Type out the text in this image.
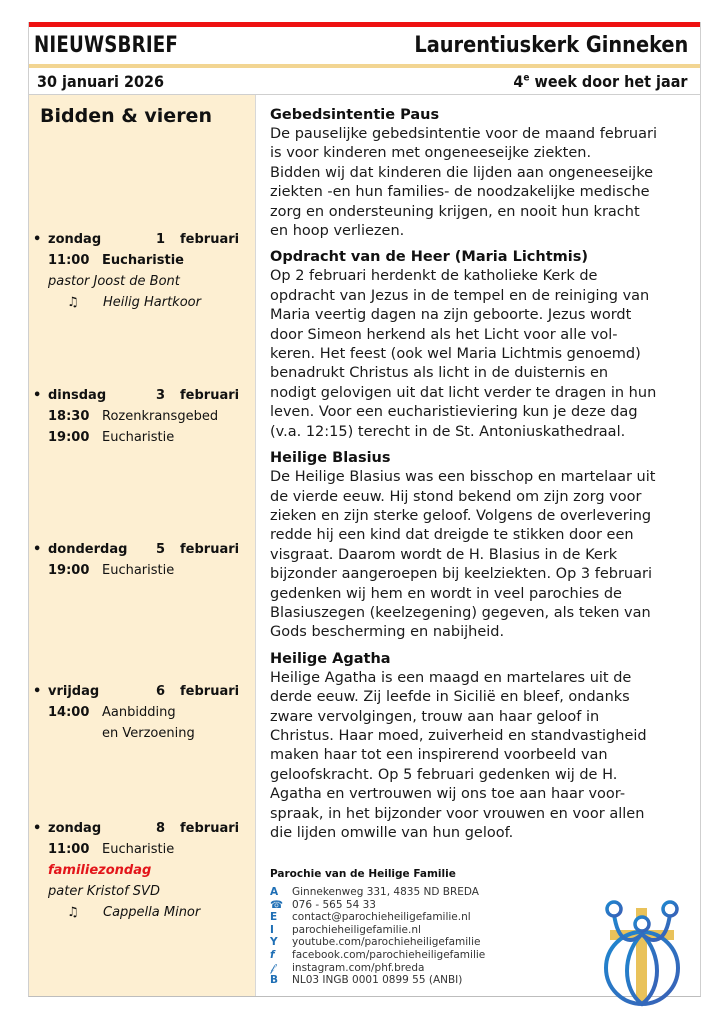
NIEUWSBRIEF	Laurentiuskerk Ginneken
30 januari 2026	4e week door het jaar
Bidden & vieren
• zondag	1	februari
11:00 Eucharistie
pastor Joost de Bont
♫	Heilig Hartkoor
• dinsdag	3	februari
18:30 Rozenkransgebed
19:00 Eucharistie
• donderdag	5	februari
19:00 Eucharistie
• vrijdag	6	februari
14:00 Aanbidding
en Verzoening
• zondag	8	februari
11:00 Eucharistie
familiezondag
pater Kristof SVD
♫	Cappella Minor
Gebedsintentie Paus

De pauselijke gebedsintentie voor de maand februari
is voor kinderen met ongeneeseijke ziekten.
Bidden wij dat kinderen die lijden aan ongeneeseijke
ziekten -en hun families- de noodzakelijke medische
zorg en ondersteuning krijgen, en nooit hun kracht
en hoop verliezen.

Opdracht van de Heer (Maria Lichtmis)

Op 2 februari herdenkt de katholieke Kerk de
opdracht van Jezus in de tempel en de reiniging van
Maria veertig dagen na zijn geboorte. Jezus wordt
door Simeon herkend als het Licht voor alle vol-
keren. Het feest (ook wel Maria Lichtmis genoemd)
benadrukt Christus als licht in de duisternis en
nodigt gelovigen uit dat licht verder te dragen in hun
leven. Voor een eucharistieviering kun je deze dag
(v.a. 12:15) terecht in de St. Antoniuskathedraal.

Heilige Blasius

De Heilige Blasius was een bisschop en martelaar uit
de vierde eeuw. Hij stond bekend om zijn zorg voor
zieken en zijn sterke geloof. Volgens de overlevering
redde hij een kind dat dreigde te stikken door een
visgraat. Daarom wordt de H. Blasius in de Kerk
bijzonder aangeroepen bij keelziekten. Op 3 februari
gedenken wij hem en wordt in veel parochies de
Blasiuszegen (keelzegening) gegeven, als teken van
Gods bescherming en nabijheid.

Heilige Agatha

Heilige Agatha is een maagd en martelares uit de
derde eeuw. Zij leefde in Sicilië en bleef, ondanks
zware vervolgingen, trouw aan haar geloof in
Christus. Haar moed, zuiverheid en standvastigheid
maken haar tot een inspirerend voorbeeld van
geloofskracht. Op 5 februari gedenken wij de H.
Agatha en vertrouwen wij ons toe aan haar voor-
spraak, in het bijzonder voor vrouwen en voor allen
die lijden omwille van hun geloof.

Parochie van de Heilige Familie
A	Ginnekenweg 331, 4835 ND BREDA
☎ 076 - 565 54 33
E	contact@parochieheiligefamilie.nl
I	parochieheiligefamilie.nl
Y	youtube.com/parochieheiligefamilie
f	facebook.com/parochieheiligefamilie
𝒻	instagram.com/phf.breda
B	NL03 INGB 0001 0899 55 (ANBI)
